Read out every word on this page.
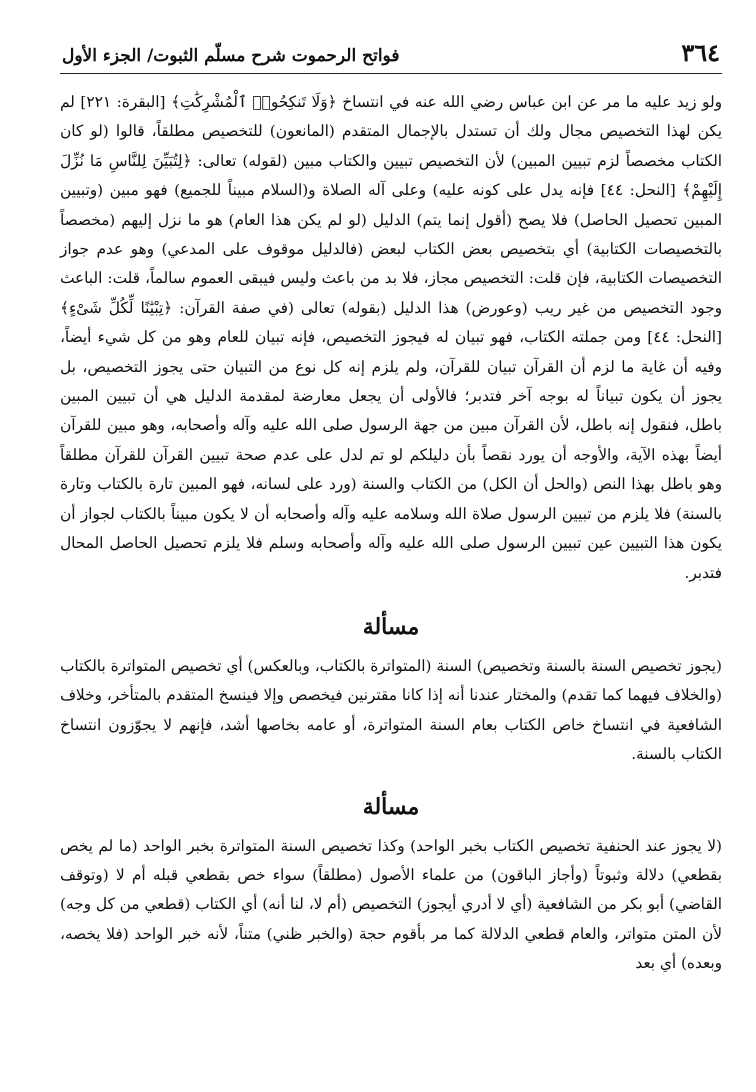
٣٦٤
فواتح الرحموت شرح مسلّم الثبوت/ الجزء الأول

ولو زيد عليه ما مر عن ابن عباس رضي الله عنه في انتساخ ﴿وَلَا تَنكِحُوا۟ ٱلْمُشْرِكَٰتِ﴾ [البقرة: ٢٢١] لم يكن لهذا التخصيص مجال ولك أن تستدل بالإجمال المتقدم (المانعون) للتخصيص مطلقاً، قالوا (لو كان الكتاب مخصصاً لزم تبيين المبين) لأن التخصيص تبيين والكتاب مبين (لقوله) تعالى: ﴿لِتُبَيِّنَ لِلنَّاسِ مَا نُزِّلَ إِلَيْهِمْ﴾ [النحل: ٤٤] فإنه يدل على كونه عليه) وعلى آله الصلاة و(السلام مبيناً للجميع) فهو مبين (وتبيين المبين تحصيل الحاصل) فلا يصح (أقول إنما يتم) الدليل (لو لم يكن هذا العام) هو ما نزل إليهم (مخصصاً بالتخصيصات الكتابية) أي بتخصيص بعض الكتاب لبعض (فالدليل موقوف على المدعي) وهو عدم جواز التخصيصات الكتابية، فإن قلت: التخصيص مجاز، فلا بد من باعث وليس فيبقى العموم سالماً، قلت: الباعث وجود التخصيص من غير ريب (وعورض) هذا الدليل (بقوله) تعالى (في صفة القرآن: ﴿تِبْيَٰنًا لِّكُلِّ شَىْءٍ﴾ [النحل: ٤٤] ومن جملته الكتاب، فهو تبيان له فيجوز التخصيص، فإنه تبيان للعام وهو من كل شيء أيضاً، وفيه أن غاية ما لزم أن القرآن تبيان للقرآن، ولم يلزم إنه كل نوع من التبيان حتى يجوز التخصيص، بل يجوز أن يكون تبياناً له بوجه آخر فتدبر؛ فالأولى أن يجعل معارضة لمقدمة الدليل هي أن تبيين المبين باطل، فنقول إنه باطل، لأن القرآن مبين من جهة الرسول صلى الله عليه وآله وأصحابه، وهو مبين للقرآن أيضاً بهذه الآية، والأوجه أن يورد نقصاً بأن دليلكم لو تم لدل على عدم صحة تبيين القرآن للقرآن مطلقاً وهو باطل بهذا النص (والحل أن الكل) من الكتاب والسنة (ورد على لسانه، فهو المبين تارة بالكتاب وتارة بالسنة) فلا يلزم من تبيين الرسول صلاة الله وسلامه عليه وآله وأصحابه أن لا يكون مبيناً بالكتاب لجواز أن يكون هذا التبيين عين تبيين الرسول صلى الله عليه وآله وأصحابه وسلم فلا يلزم تحصيل الحاصل المحال فتدبر.

مسألة

(يجوز تخصيص السنة بالسنة وتخصيص) السنة (المتواترة بالكتاب، وبالعكس) أي تخصيص المتواترة بالكتاب (والخلاف فيهما كما تقدم) والمختار عندنا أنه إذا كانا مقترنين فيخصص وإلا فينسخ المتقدم بالمتأخر، وخلاف الشافعية في انتساخ خاص الكتاب بعام السنة المتواترة، أو عامه بخاصها أشد، فإنهم لا يجوّزون انتساخ الكتاب بالسنة.

مسألة

(لا يجوز عند الحنفية تخصيص الكتاب بخبر الواحد) وكذا تخصيص السنة المتواترة بخبر الواحد (ما لم يخص بقطعي) دلالة وثبوتاً (وأجاز الباقون) من علماء الأصول (مطلقاً) سواء خص بقطعي قبله أم لا (وتوقف القاضي) أبو بكر من الشافعية (أي لا أدري أيجوز) التخصيص (أم لا، لنا أنه) أي الكتاب (قطعي من كل وجه) لأن المتن متواتر، والعام قطعي الدلالة كما مر بأقوم حجة (والخبر ظني) متناً، لأنه خبر الواحد (فلا يخصه، وبعده) أي بعد
